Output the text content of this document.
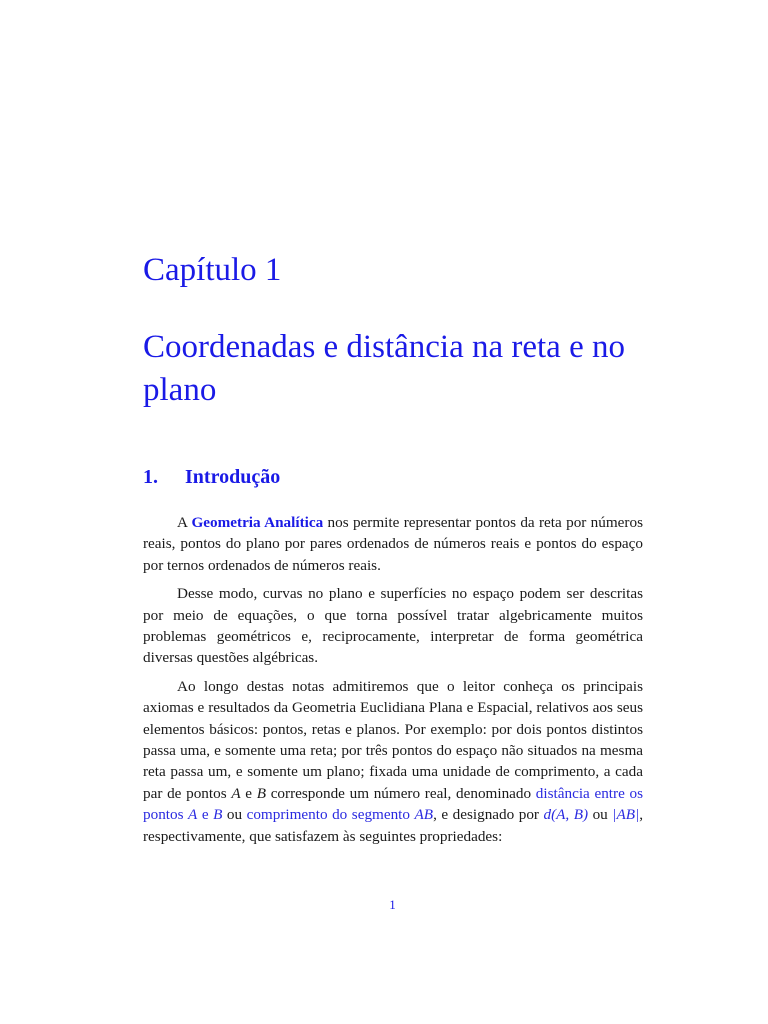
Capítulo 1
Coordenadas e distância na reta e no plano
1. Introdução

A Geometria Analítica nos permite representar pontos da reta por números reais, pontos do plano por pares ordenados de números reais e pontos do espaço por ternos ordenados de números reais.

Desse modo, curvas no plano e superfícies no espaço podem ser descritas por meio de equações, o que torna possível tratar algebricamente muitos problemas geométricos e, reciprocamente, interpretar de forma geométrica diversas questões algébricas.

Ao longo destas notas admitiremos que o leitor conheça os principais axiomas e resultados da Geometria Euclidiana Plana e Espacial, relativos aos seus elementos básicos: pontos, retas e planos. Por exemplo: por dois pontos distintos passa uma, e somente uma reta; por três pontos do espaço não situados na mesma reta passa um, e somente um plano; fixada uma unidade de comprimento, a cada par de pontos A e B corresponde um número real, denominado distância entre os pontos A e B ou comprimento do segmento AB, e designado por d(A, B) ou |AB|, respectivamente, que satisfazem às seguintes propriedades:

1
